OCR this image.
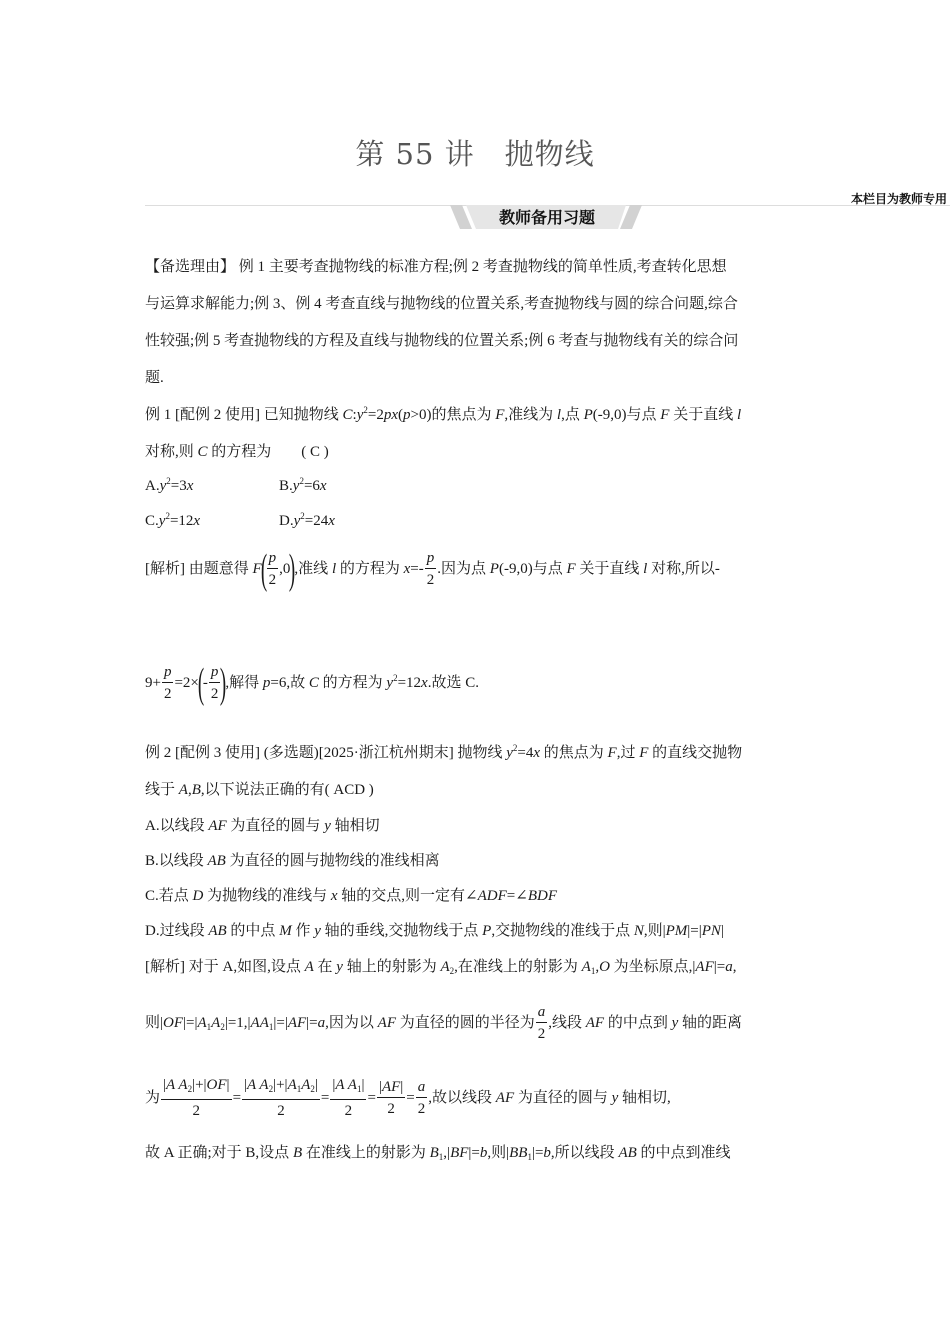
第 55 讲　抛物线
本栏目为教师专用
教师备用习题
【备选理由】 例 1 主要考查抛物线的标准方程;例 2 考查抛物线的简单性质,考查转化思想
与运算求解能力;例 3、例 4 考查直线与抛物线的位置关系,考查抛物线与圆的综合问题,综合
性较强;例 5 考查抛物线的方程及直线与抛物线的位置关系;例 6 考查与抛物线有关的综合问
题.
例 1 [配例 2 使用] 已知抛物线 $C:y^2=2px(p>0)$的焦点为 F,准线为 l,点 P(-9,0)与点 F 关于直线 l
对称,则 C 的方程为　　( C )
$A.y^2=3x$	$B.y^2=6x$
$C.y^2=12x$	$D.y^2=24x$
[解析] 由题意得 $F( \frac{p}{2} ,0)$,准线 l 的方程为 $x=- \frac{p}{2}$ .因为点 P(-9,0)与点 F 关于直线 l 对称,所以-
$9+ \frac{p}{2} =2\times(- \frac{p}{2}$ ),解得 p=6,故 C 的方程为 $y^2=12x$.故选 C.
例 2 [配例 3 使用] (多选题)[2025·浙江杭州期末] 抛物线 $y^2=4x$ 的焦点为 F,过 F 的直线交抛物
线于 A,B,以下说法正确的有( ACD )
A.以线段 AF 为直径的圆与 y 轴相切
B.以线段 AB 为直径的圆与抛物线的准线相离
C.若点 D 为抛物线的准线与 x 轴的交点,则一定有∠ADF=∠BDF
D.过线段 AB 的中点 M 作 y 轴的垂线,交抛物线于点 P,交抛物线的准线于点 N,则|PM|=|PN|
[解析] 对于 A,如图,设点 A 在 y 轴上的射影为 $A_2$,在准线上的射影为 $A_1,O$ 为坐标原点,|AF|=a,
则$|OF|=|A_1A_2|=1,|AA_1|=|AF|=a$,因为以 AF 为直径的圆的半径为 $\frac{a}{2}$ ,线段 AF 的中点到 y 轴的距离
为 $\frac{|A A_2|+|OF|}{2} = \frac{|A A_2|+|A_1A_2|}{2} = \frac{|A A_1|}{2} = \frac{|AF|}{2} = \frac{a}{2}$ ,故以线段 AF 为直径的圆与 y 轴相切,
故 A 正确;对于 B,设点 B 在准线上的射影为 $B_1,|BF|=b$,则$|BB_1|=b$,所以线段 AB 的中点到准线
